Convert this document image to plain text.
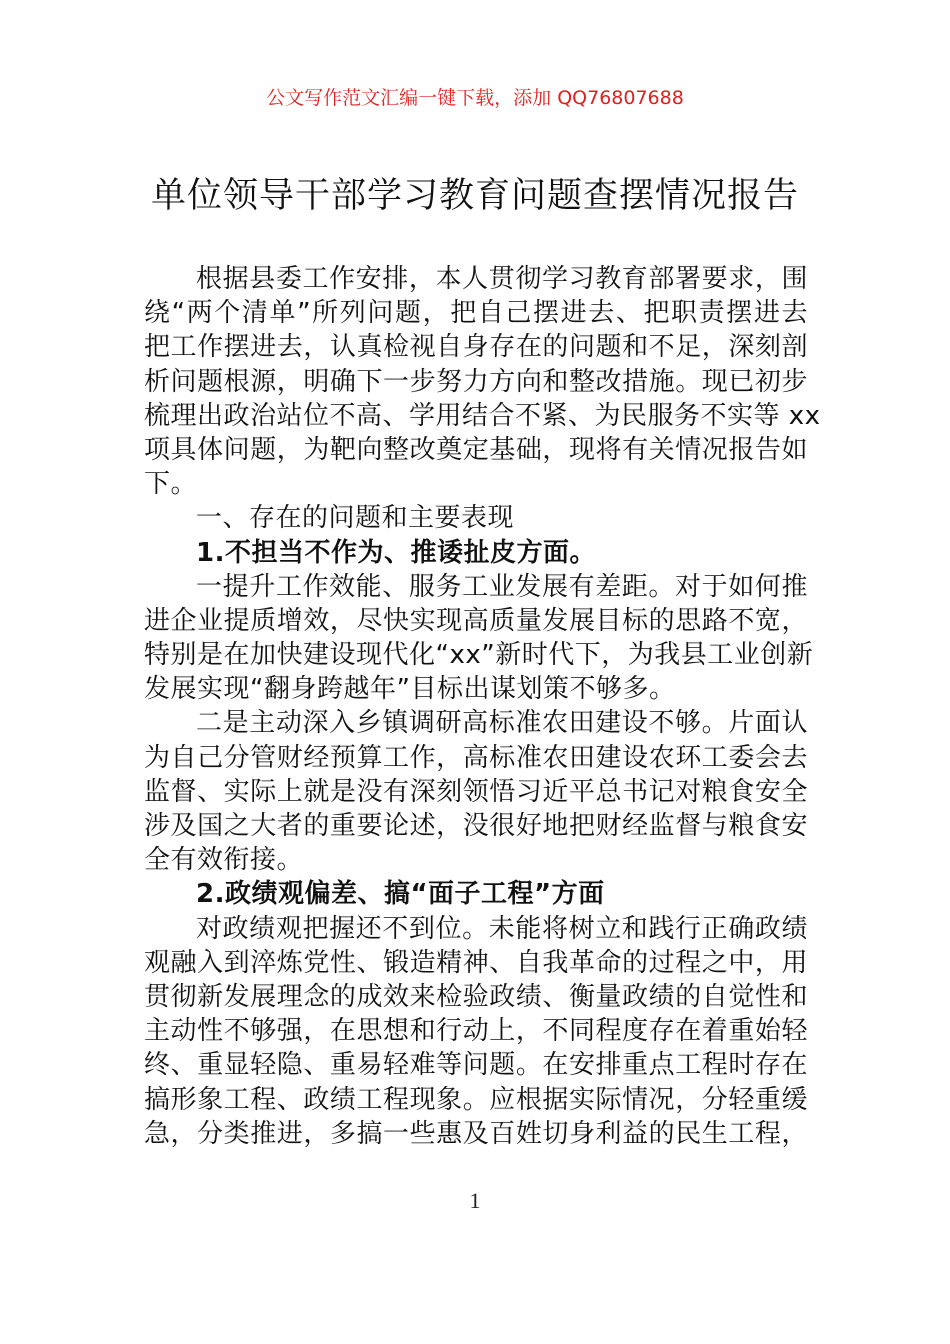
公文写作范文汇编一键下载，添加 QQ76807688
单位领导干部学习教育问题查摆情况报告
根据县委工作安排，本人贯彻学习教育部署要求，围
绕“两个清单”所列问题，把自己摆进去、把职责摆进去
把工作摆进去，认真检视自身存在的问题和不足，深刻剖
析问题根源，明确下一步努力方向和整改措施。现已初步
梳理出政治站位不高、学用结合不紧、为民服务不实等 xx
项具体问题，为靶向整改奠定基础，现将有关情况报告如
下。
一、存在的问题和主要表现
1.不担当不作为、推诿扯皮方面。
一提升工作效能、服务工业发展有差距。对于如何推
进企业提质增效，尽快实现高质量发展目标的思路不宽，
特别是在加快建设现代化“xx”新时代下，为我县工业创新
发展实现“翻身跨越年”目标出谋划策不够多。
二是主动深入乡镇调研高标准农田建设不够。片面认
为自己分管财经预算工作，高标准农田建设农环工委会去
监督、实际上就是没有深刻领悟习近平总书记对粮食安全
涉及国之大者的重要论述，没很好地把财经监督与粮食安
全有效衔接。
2.政绩观偏差、搞“面子工程”方面
对政绩观把握还不到位。未能将树立和践行正确政绩
观融入到淬炼党性、锻造精神、自我革命的过程之中，用
贯彻新发展理念的成效来检验政绩、衡量政绩的自觉性和
主动性不够强，在思想和行动上，不同程度存在着重始轻
终、重显轻隐、重易轻难等问题。在安排重点工程时存在
搞形象工程、政绩工程现象。应根据实际情况，分轻重缓
急，分类推进，多搞一些惠及百姓切身利益的民生工程，
1
